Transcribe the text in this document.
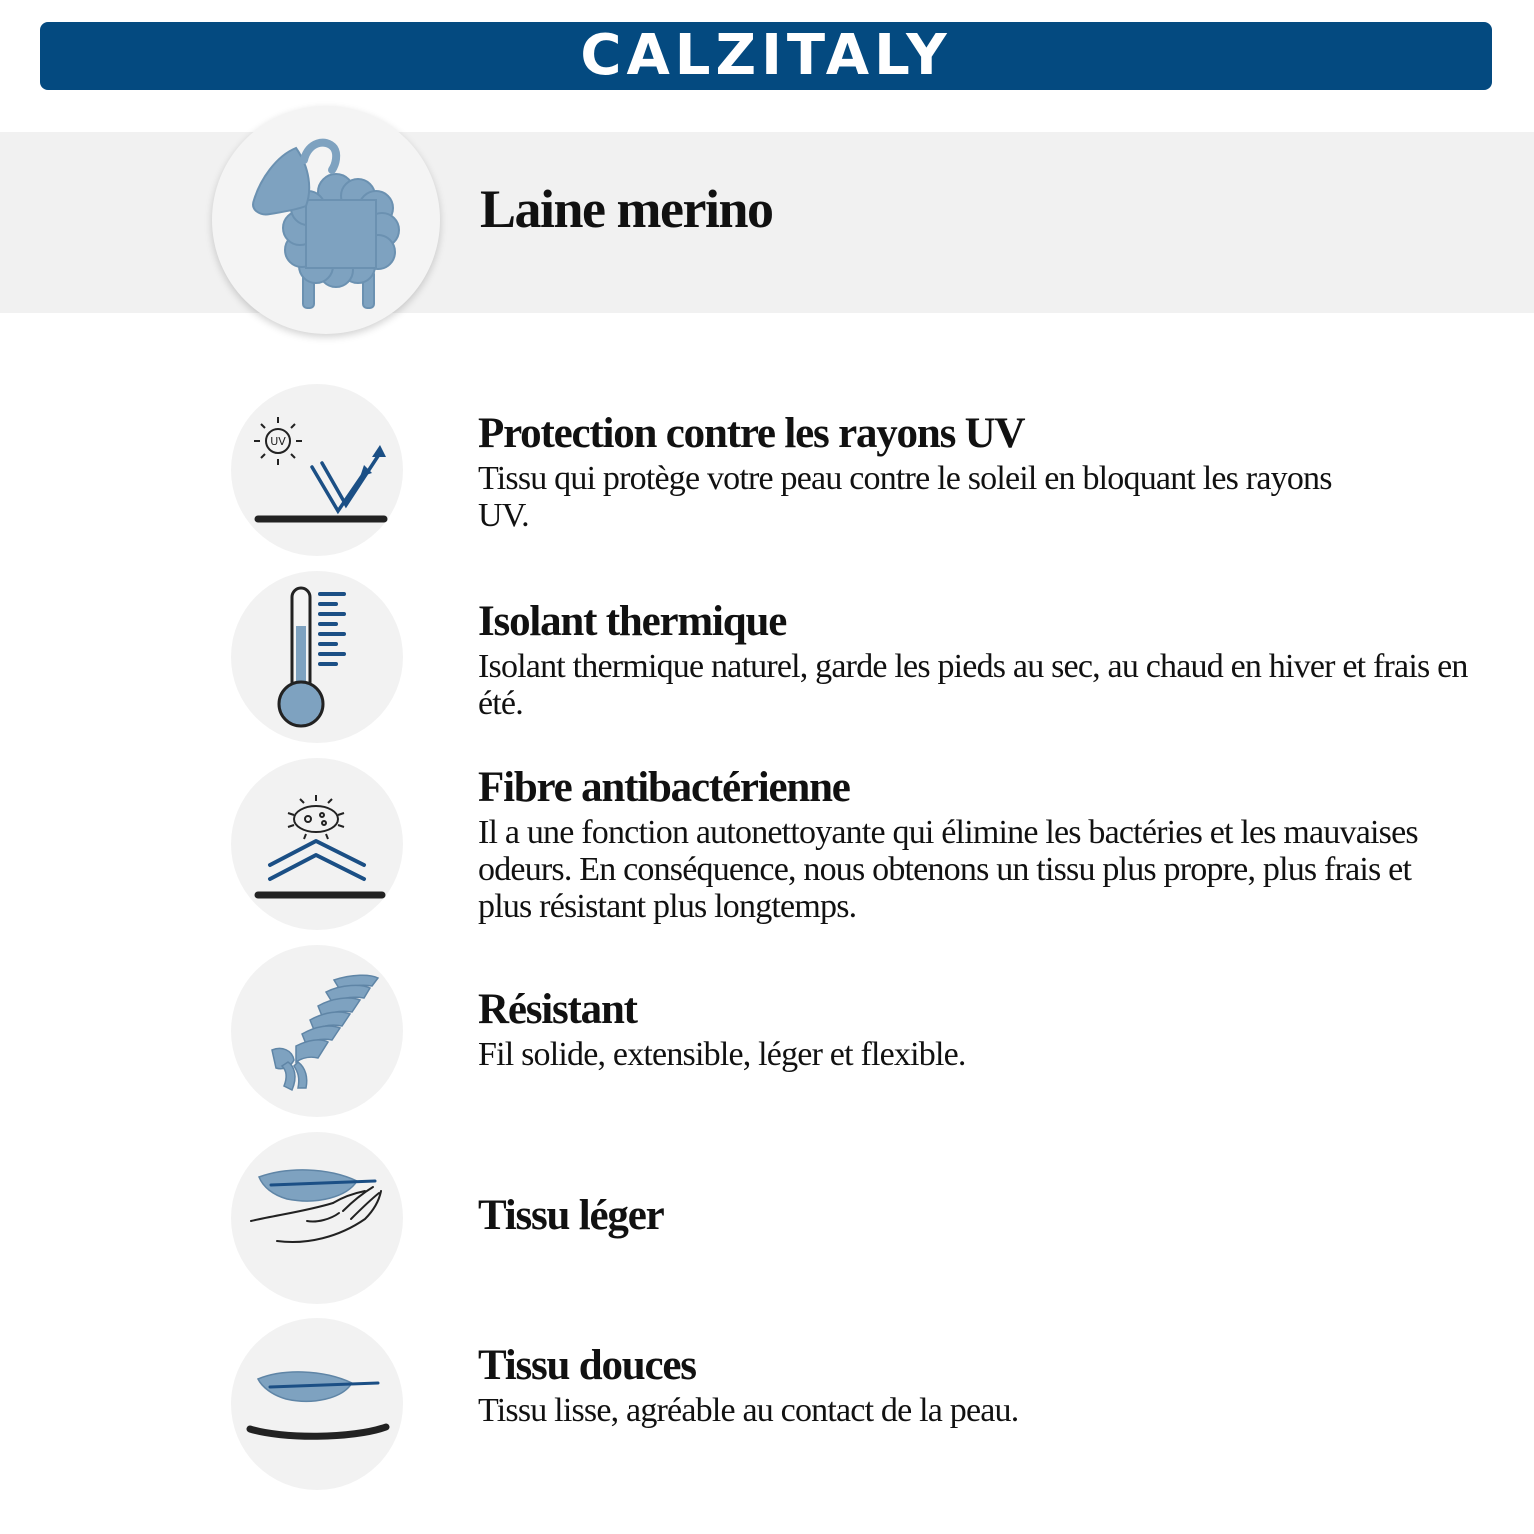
CALZITALY
Laine merino
UV	Protection contre les rayons UV
Tissu qui protège votre peau contre le soleil en bloquant les rayons UV.
Isolant thermique
Isolant thermique naturel, garde les pieds au sec, au chaud en hiver et frais en été.
Fibre antibactérienne
Il a une fonction autonettoyante qui élimine les bactéries et les mauvaises odeurs. En conséquence, nous obtenons un tissu plus propre, plus frais et plus résistant plus longtemps.
Résistant
Fil solide, extensible, léger et flexible.
Tissu léger
Tissu douces
Tissu lisse, agréable au contact de la peau.
